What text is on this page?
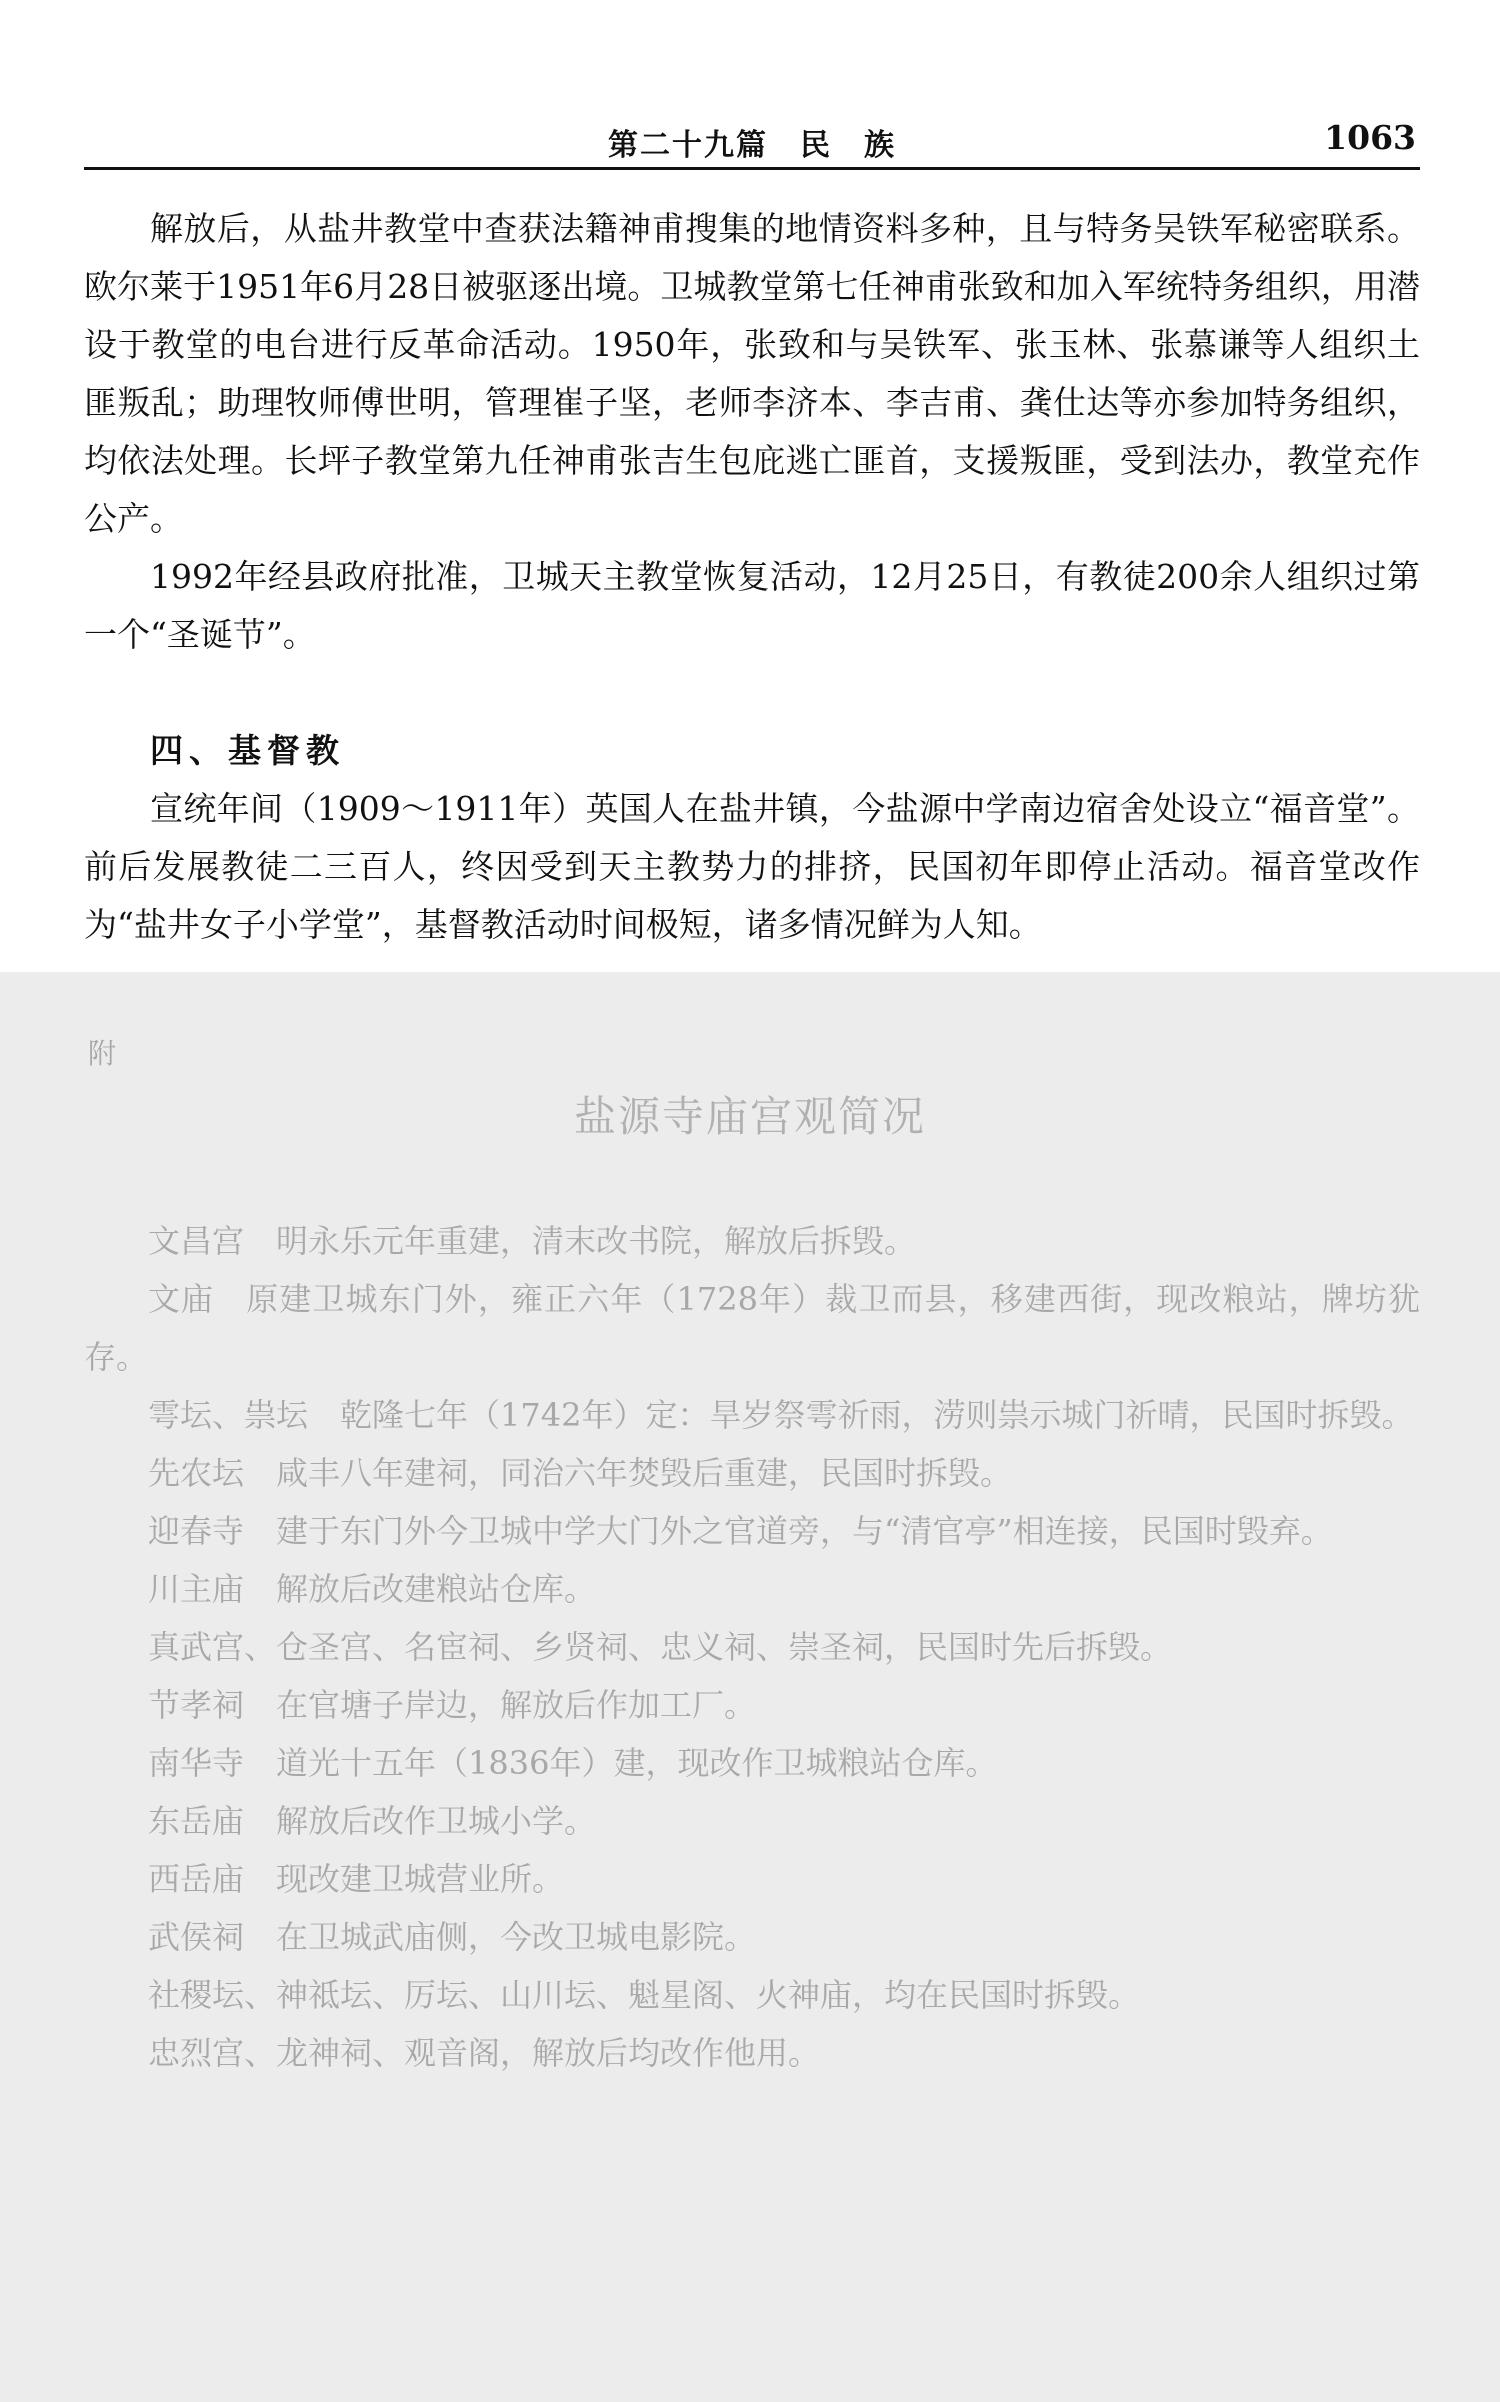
第二十九篇　民　族	1063

解放后，从盐井教堂中查获法籍神甫搜集的地情资料多种，且与特务吴铁军秘密联系。欧尔莱于1951年6月28日被驱逐出境。卫城教堂第七任神甫张致和加入军统特务组织，用潜设于教堂的电台进行反革命活动。1950年，张致和与吴铁军、张玉林、张慕谦等人组织土匪叛乱；助理牧师傅世明，管理崔子坚，老师李济本、李吉甫、龚仕达等亦参加特务组织，均依法处理。长坪子教堂第九任神甫张吉生包庇逃亡匪首，支援叛匪，受到法办，教堂充作公产。

1992年经县政府批准，卫城天主教堂恢复活动，12月25日，有教徒200余人组织过第一个“圣诞节”。

四、基督教

宣统年间（1909～1911年）英国人在盐井镇，今盐源中学南边宿舍处设立“福音堂”。前后发展教徒二三百人，终因受到天主教势力的排挤，民国初年即停止活动。福音堂改作为“盐井女子小学堂”，基督教活动时间极短，诸多情况鲜为人知。

附
盐源寺庙宫观简况

文昌宫 明永乐元年重建，清末改书院，解放后拆毁。

文庙 原建卫城东门外，雍正六年（1728年）裁卫而县，移建西街，现改粮站，牌坊犹存。

雩坛、祟坛 乾隆七年（1742年）定：旱岁祭雩祈雨，涝则祟示城门祈晴，民国时拆毁。

先农坛 咸丰八年建祠，同治六年焚毁后重建，民国时拆毁。

迎春寺 建于东门外今卫城中学大门外之官道旁，与“清官亭”相连接，民国时毁弃。

川主庙 解放后改建粮站仓库。

真武宫、仓圣宫、名宦祠、乡贤祠、忠义祠、崇圣祠，民国时先后拆毁。

节孝祠 在官塘子岸边，解放后作加工厂。

南华寺 道光十五年（1836年）建，现改作卫城粮站仓库。

东岳庙 解放后改作卫城小学。

西岳庙 现改建卫城营业所。

武侯祠 在卫城武庙侧，今改卫城电影院。

社稷坛、神祗坛、厉坛、山川坛、魁星阁、火神庙，均在民国时拆毁。

忠烈宫、龙神祠、观音阁，解放后均改作他用。
